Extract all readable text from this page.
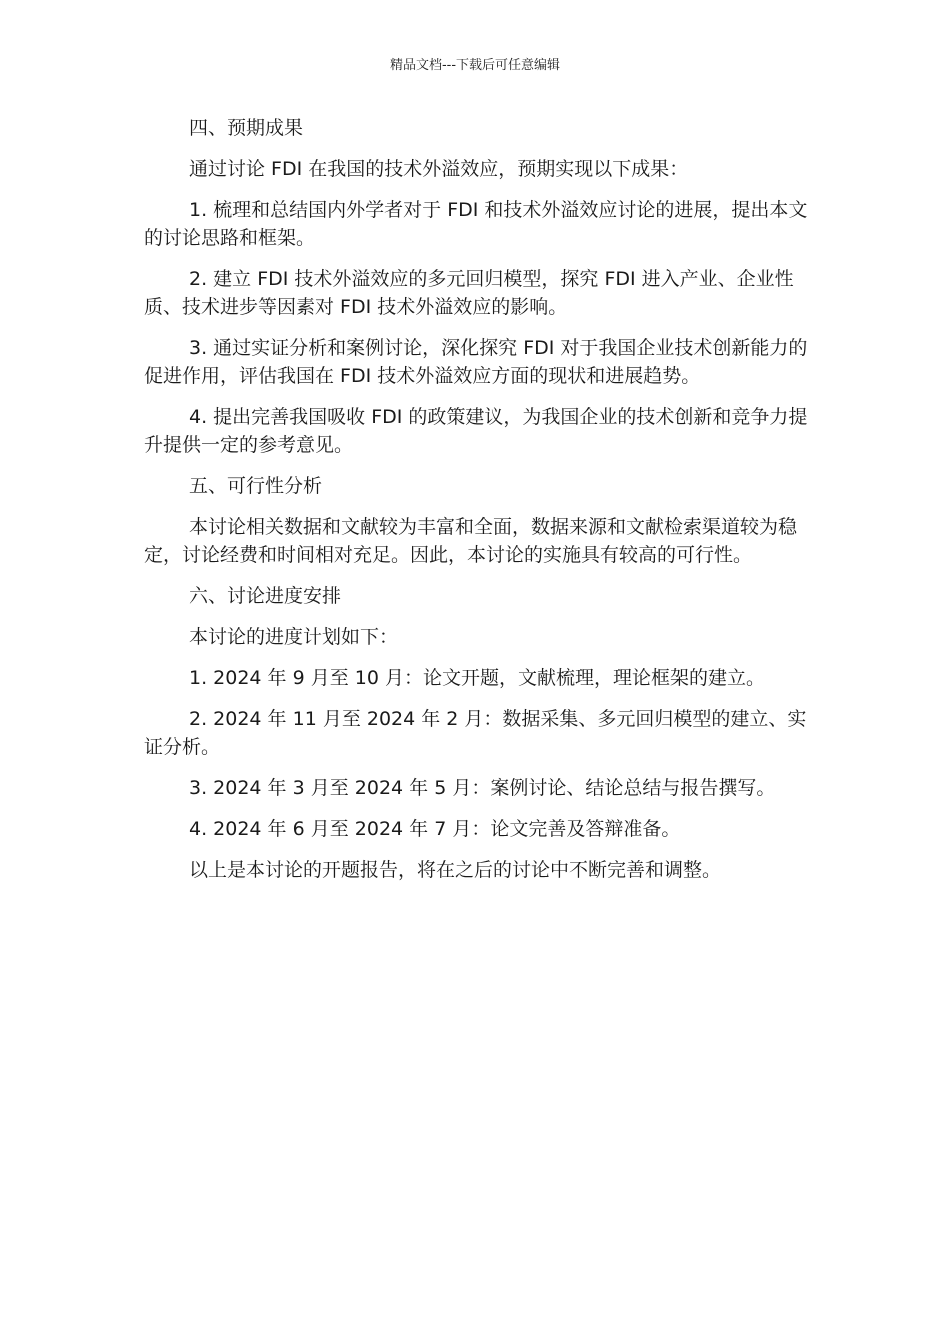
精品文档---下载后可任意编辑

四、预期成果

通过讨论 FDI 在我国的技术外溢效应，预期实现以下成果：

1. 梳理和总结国内外学者对于 FDI 和技术外溢效应讨论的进展，提出本文的讨论思路和框架。

2. 建立 FDI 技术外溢效应的多元回归模型，探究 FDI 进入产业、企业性质、技术进步等因素对 FDI 技术外溢效应的影响。

3. 通过实证分析和案例讨论，深化探究 FDI 对于我国企业技术创新能力的促进作用，评估我国在 FDI 技术外溢效应方面的现状和进展趋势。

4. 提出完善我国吸收 FDI 的政策建议，为我国企业的技术创新和竞争力提升提供一定的参考意见。

五、可行性分析

本讨论相关数据和文献较为丰富和全面，数据来源和文献检索渠道较为稳定，讨论经费和时间相对充足。因此，本讨论的实施具有较高的可行性。

六、讨论进度安排

本讨论的进度计划如下：

1. 2024 年 9 月至 10 月：论文开题，文献梳理，理论框架的建立。

2. 2024 年 11 月至 2024 年 2 月：数据采集、多元回归模型的建立、实证分析。

3. 2024 年 3 月至 2024 年 5 月：案例讨论、结论总结与报告撰写。

4. 2024 年 6 月至 2024 年 7 月：论文完善及答辩准备。

以上是本讨论的开题报告，将在之后的讨论中不断完善和调整。
